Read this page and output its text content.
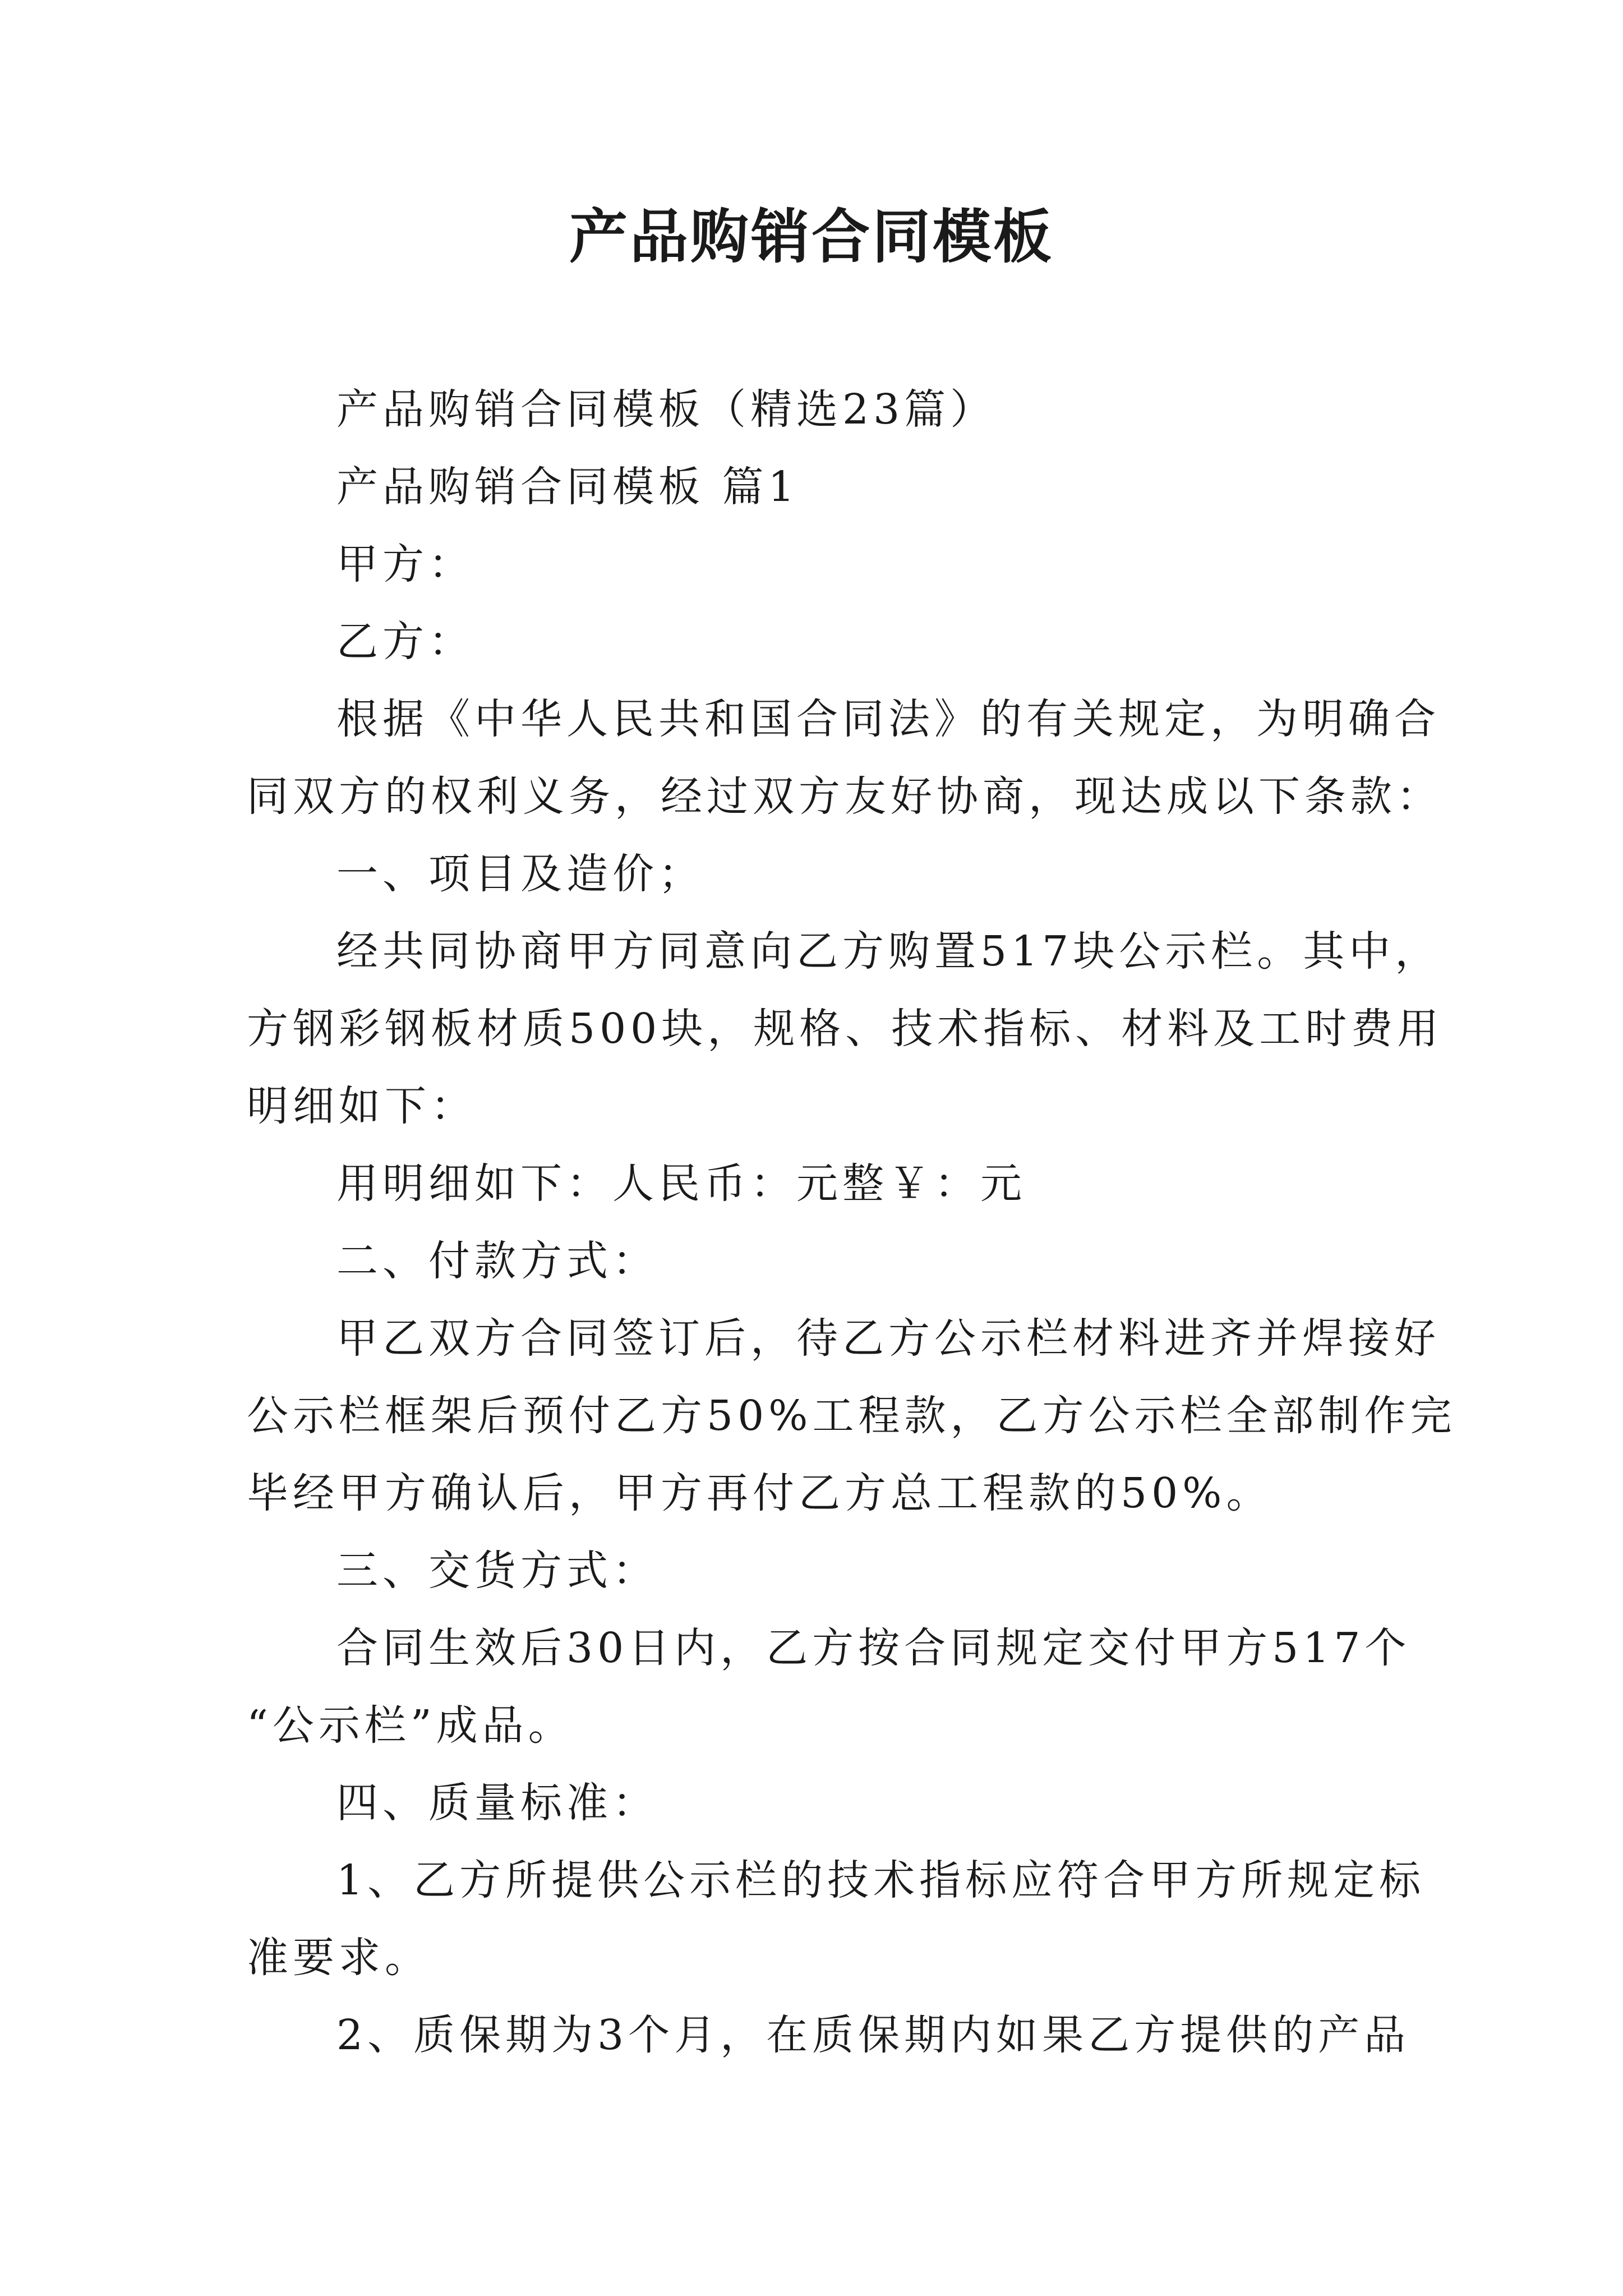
产品购销合同模板
产品购销合同模板（精选23篇）
产品购销合同模板 篇1
甲方：
乙方：
根据《中华人民共和国合同法》的有关规定，为明确合
同双方的权利义务，经过双方友好协商，现达成以下条款：
一、项目及造价；
经共同协商甲方同意向乙方购置517块公示栏。其中，
方钢彩钢板材质500块，规格、技术指标、材料及工时费用
明细如下：
用明细如下：人民币：元整￥：元
二、付款方式：
甲乙双方合同签订后，待乙方公示栏材料进齐并焊接好
公示栏框架后预付乙方50%工程款，乙方公示栏全部制作完
毕经甲方确认后，甲方再付乙方总工程款的50%。
三、交货方式：
合同生效后30日内，乙方按合同规定交付甲方517个
“公示栏”成品。
四、质量标准：
1、乙方所提供公示栏的技术指标应符合甲方所规定标
准要求。
2、质保期为3个月，在质保期内如果乙方提供的产品
